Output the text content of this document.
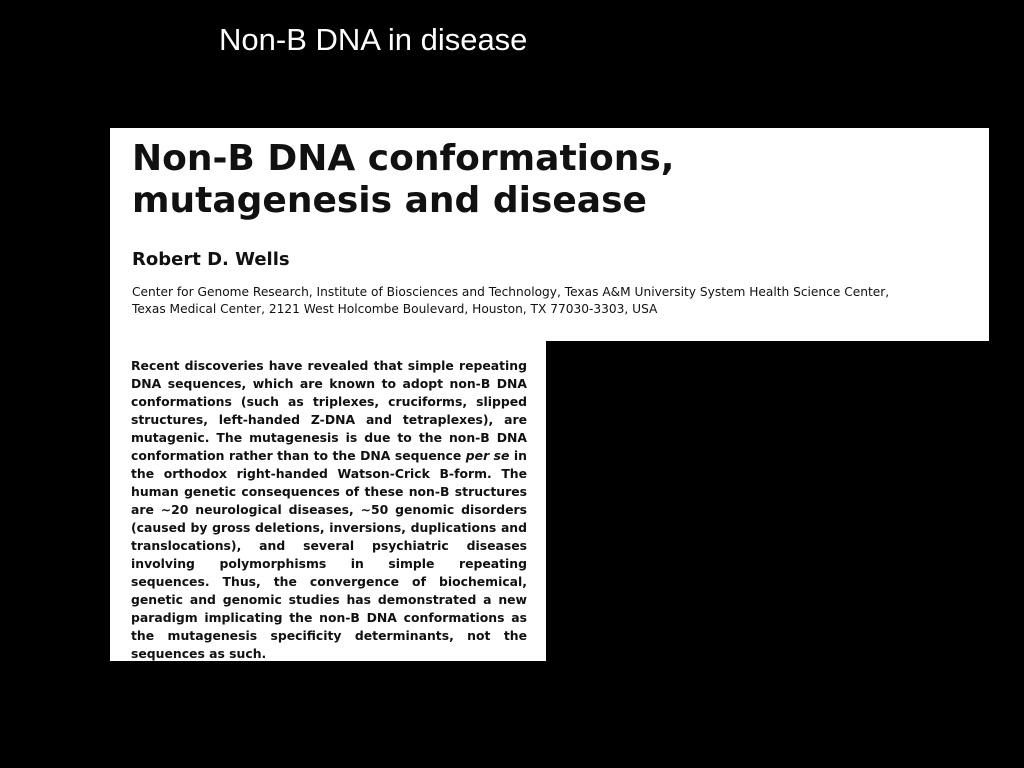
Non-B DNA in disease
Non-B DNA conformations,
mutagenesis and disease
Robert D. Wells
Center for Genome Research, Institute of Biosciences and Technology, Texas A&M University System Health Science Center,
Texas Medical Center, 2121 West Holcombe Boulevard, Houston, TX 77030-3303, USA

Recent discoveries have revealed that simple repeating DNA sequences, which are known to adopt non-B DNA conformations (such as triplexes, cruciforms, slipped structures, left-handed Z-DNA and tetraplexes), are mutagenic. The mutagenesis is due to the non-B DNA conformation rather than to the DNA sequence per se in the orthodox right-handed Watson-Crick B-form. The human genetic consequences of these non-B structures are ∼20 neurological diseases, ∼50 genomic disorders (caused by gross deletions, inversions, duplications and translocations), and several psychiatric diseases involving polymorphisms in simple repeating sequences. Thus, the convergence of biochemical, genetic and genomic studies has demonstrated a new paradigm implicating the non-B DNA conformations as the mutagenesis specificity determinants, not the sequences as such.
